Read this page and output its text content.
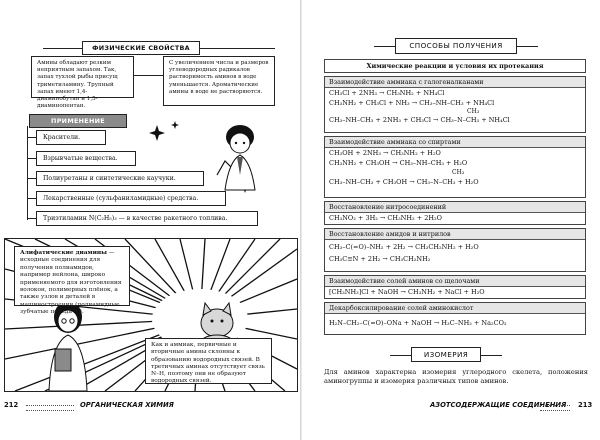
ФИЗИЧЕСКИЕ СВОЙСТВА
Амины обладают резким неприятным запахом. Так, запах тухлой рыбы присущ триметиламину. Трупный запах имеют 1,4-диаминобутан и 1,5-диаминопентан.
С увеличением числа и размеров углеводородных радикалов растворимость аминов в воде уменьшается. Ароматические амины в воде не растворяются.
ПРИМЕНЕНИЕ
Красители.
Взрывчатые вещества.
Полиуретаны и синтетические каучуки.
Лекарственные (сульфаниламидные) средства.
Триэтиламин N(C₂H₅)₃ — в качестве ракетного топлива.
Алифатические диамины — исходные соединения для получения полиамидов, например нейлона, широко применяемого для изготовления волокон, полимерных плёнок, а также узлов и деталей в машиностроении (полиамидные зубчатые передачи).
Как и аммиак, первичные и вторичные амины склонны к образованию водородных связей. В третичных аминах отсутствует связь N–H, поэтому они не образуют водородных связей.
212	ОРГАНИЧЕСКАЯ ХИМИЯ
СПОСОБЫ ПОЛУЧЕНИЯ
Химические реакции и условия их протекания
Взаимодействие аммиака с галогеналканами
CH₃Cl + 2NH₃ → CH₃NH₂ + NH₄Cl
CH₃NH₂ + CH₃Cl + NH₃ → CH₃–NH–CH₃ + NH₄Cl
CH₃
CH₃–NH–CH₃ + 2NH₃ + CH₃Cl → CH₃–N–CH₃ + NH₄Cl
Взаимодействие аммиака со спиртами
CH₃OH + 2NH₃ → CH₃NH₂ + H₂O
CH₃NH₂ + CH₃OH → CH₃–NH–CH₃ + H₂O
CH₃
CH₃–NH–CH₃ + CH₃OH → CH₃–N–CH₃ + H₂O
Восстановление нитросоединений
CH₃NO₂ + 3H₂ → CH₃NH₂ + 2H₂O
Восстановление амидов и нитрилов
CH₃–C(=O)–NH₂ + 2H₂ → CH₃CH₂NH₂ + H₂O
CH₃C≡N + 2H₂ → CH₃CH₂NH₂
Взаимодействие солей аминов со щелочами
[CH₃NH₃]Cl + NaOH → CH₃NH₂ + NaCl + H₂O
Декарбоксилирование солей аминокислот
H₂N–CH₂–C(=O)–ONa + NaOH → H₃C–NH₂ + Na₂CO₃
ИЗОМЕРИЯ
Для аминов характерна изомерия углеродного скелета, положения аминогруппы и изомерия различных типов аминов.
АЗОТСОДЕРЖАЩИЕ СОЕДИНЕНИЯ 213
